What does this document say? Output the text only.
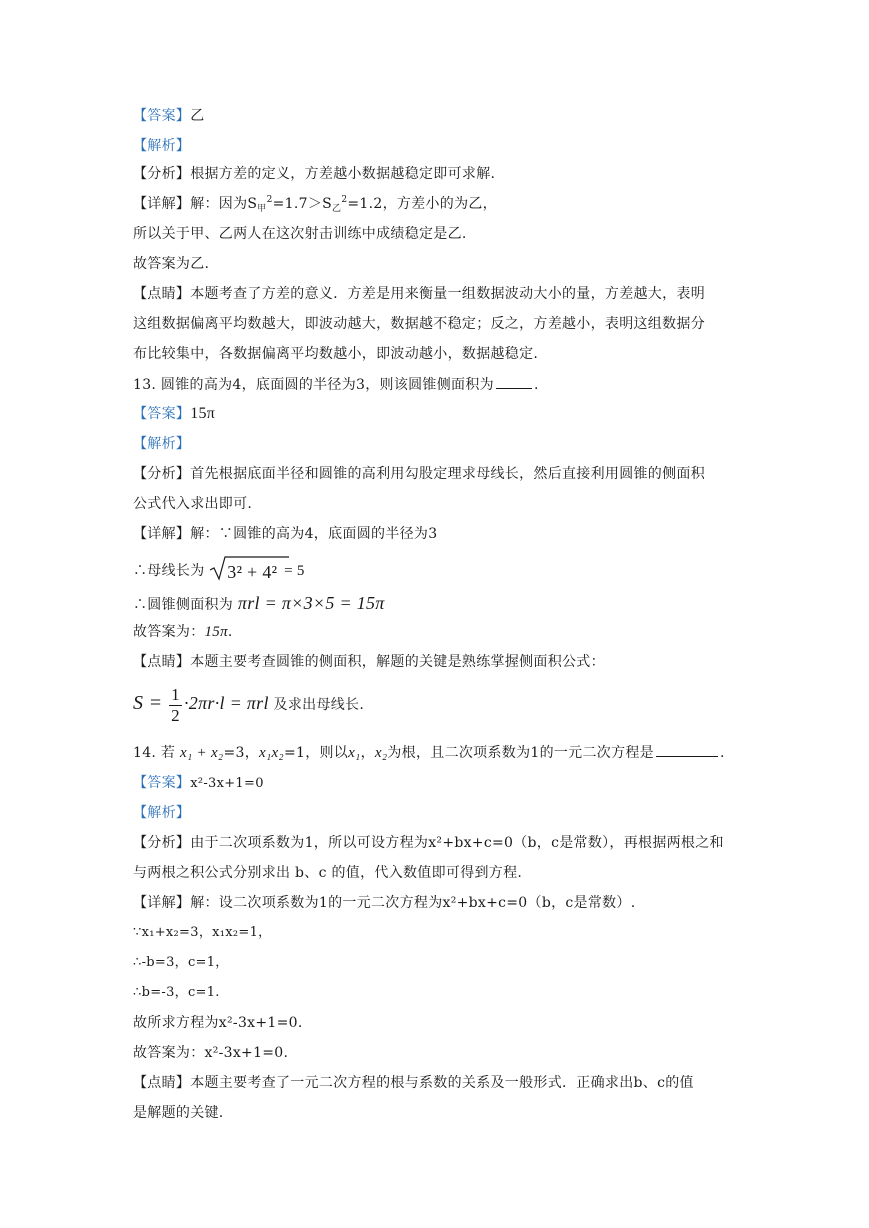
【答案】乙
【解析】
【分析】根据方差的定义，方差越小数据越稳定即可求解.
【详解】解：因为$S_甲^2=1.7>S_乙^2=1.2$，方差小的为乙，
所以关于甲、乙两人在这次射击训练中成绩稳定是乙.
故答案为乙.
【点睛】本题考查了方差的意义．方差是用来衡量一组数据波动大小的量，方差越大，表明
这组数据偏离平均数越大，即波动越大，数据越不稳定；反之，方差越小，表明这组数据分
布比较集中，各数据偏离平均数越小，即波动越小，数据越稳定.
13. 圆锥的高为4，底面圆的半径为3，则该圆锥侧面积为	.
【答案】15π
【解析】
【分析】首先根据底面半径和圆锥的高利用勾股定理求母线长，然后直接利用圆锥的侧面积
公式代入求出即可.
【详解】解：∵圆锥的高为4，底面圆的半径为3
∴母线长为 3² + 4² = 5
∴圆锥侧面积为 πrl = π×3×5 = 15π
故答案为：15π.
【点睛】本题主要考查圆锥的侧面积，解题的关键是熟练掌握侧面积公式：
$S = \frac{1}{2} \cdot 2\pi r\cdot l = \pi rl$ 及求出母线长.
14. 若 x₁ + x₂=3，x₁x₂=1，则以x₁，x₂为根，且二次项系数为1的一元二次方程是	.
【答案】x²-3x+1=0
【解析】
【分析】由于二次项系数为1，所以可设方程为x²+bx+c=0（b，c是常数），再根据两根之和
与两根之积公式分别求出 b、c 的值，代入数值即可得到方程.
【详解】解：设二次项系数为1的一元二次方程为x²+bx+c=0（b，c是常数）.
∵x₁+x₂=3，x₁x₂=1，
∴-b=3，c=1，
∴b=-3，c=1.
故所求方程为x²-3x+1=0.
故答案为：x²-3x+1=0.
【点睛】本题主要考查了一元二次方程的根与系数的关系及一般形式．正确求出b、c的值
是解题的关键.
